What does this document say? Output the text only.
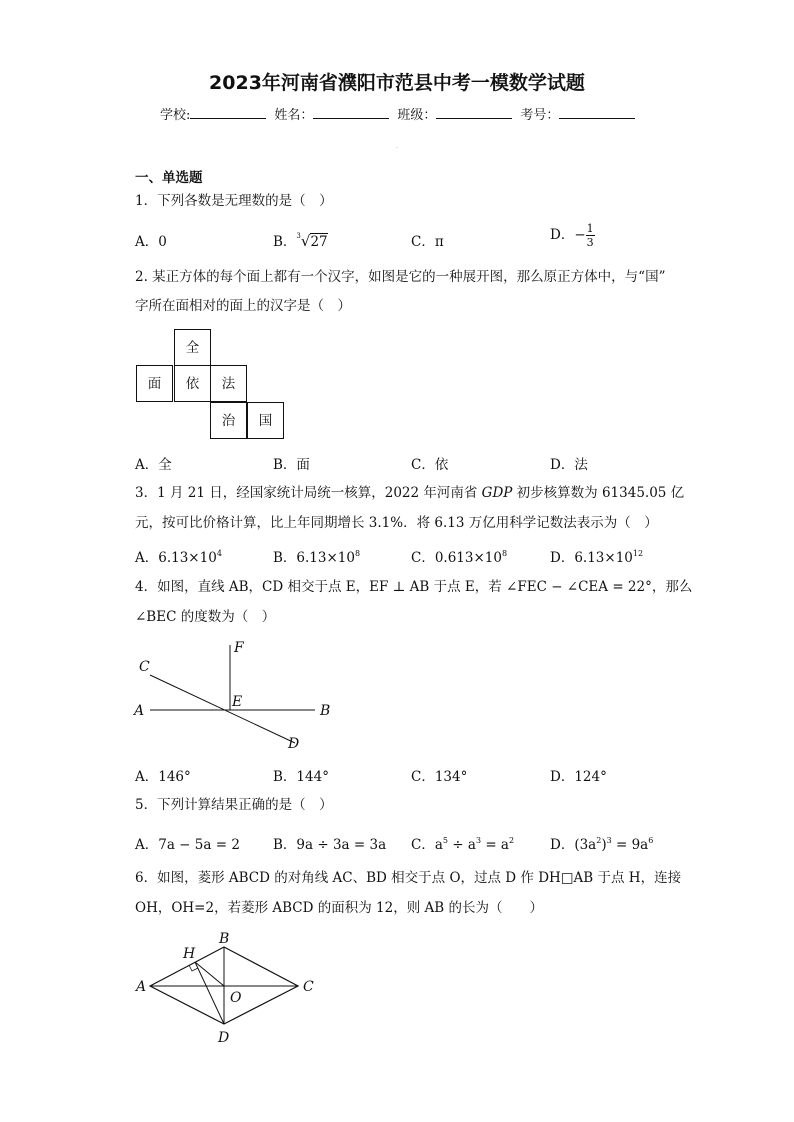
2023年河南省濮阳市范县中考一模数学试题
学校:	姓名：	班级：	考号：
·
一、单选题
1．下列各数是无理数的是（　）
A．0	B．$^3$√27	C．π	D．− $\frac{1}{3}$
2. 某正方体的每个面上都有一个汉字，如图是它的一种展开图，那么原正方体中，与“国”
字所在面相对的面上的汉字是（　）
全
面	依	法
治	国
A．全	B．面	C．依	D．法
3．1 月 21 日，经国家统计局统一核算，2022 年河南省 GDP 初步核算数为 61345.05 亿
元，按可比价格计算，比上年同期增长 3.1%．将 6.13 万亿用科学记数法表示为（　）
A．$6.13\times 10^4$	B．$6.13\times 10^8$	C．$0.613\times 10^8$	D．$6.13\times 10^{12}$
4．如图，直线 AB，CD 相交于点 E，EF ⊥ AB 于点 E，若 ∠FEC − ∠CEA = 22°，那么
∠BEC 的度数为（　）
F
C
A
E
B
D
A．146°	B．144°	C．134°	D．124°
5．下列计算结果正确的是（　）
A．7a − 5a = 2 B．9a ÷ 3a = 3a C．$a^5 \div a^3 = a^2$	D．$(3a^2)^3 = 9a^6$
6．如图，菱形 ABCD 的对角线 AC、BD 相交于点 O，过点 D 作 DH□AB 于点 H，连接
OH，OH=2，若菱形 ABCD 的面积为 12，则 AB 的长为（　　）
H
B
A
O
C
D
